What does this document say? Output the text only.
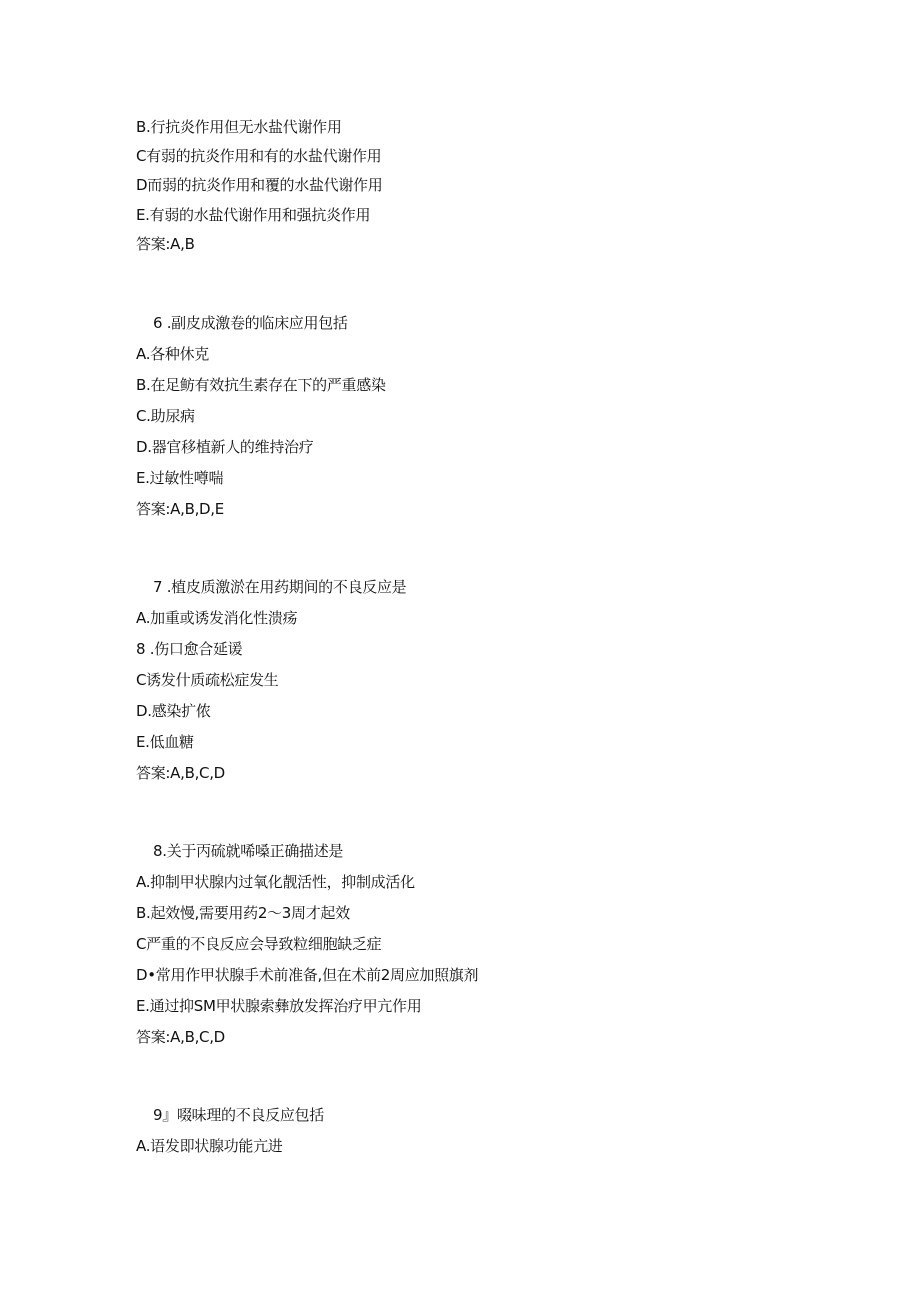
B.行抗炎作用但无水盐代谢作用
C有弱的抗炎作用和有的水盐代谢作用
D而弱的抗炎作用和覆的水盐代谢作用
E.有弱的水盐代谢作用和强抗炎作用
答案:A,B
6 .副皮成激卷的临床应用包括
A.各种休克
B.在足鲂有效抗生素存在下的严重感染
C.助尿病
D.器官移植新人的维持治疗
E.过敏性噂喘
答案:A,B,D,E
7 .植皮质激淤在用药期间的不良反应是
A.加重或诱发消化性溃疡
8 .伤口愈合延谖
C诱发什质疏松症发生
D.感染扩侬
E.低血糖
答案:A,B,C,D
8.关于丙硫就唏嗓正确描述是
A.抑制甲状腺内过氧化靓活性，抑制成活化
B.起效慢,需要用药2〜3周才起效
C严重的不良反应会导致粒细胞缺乏症
D•常用作甲状腺手术前准备,但在术前2周应加照旗剂
E.通过抑SM甲状腺索彝放发挥治疗甲亢作用
答案:A,B,C,D
9』啜味理的不良反应包括
A.语发即状腺功能亢进
